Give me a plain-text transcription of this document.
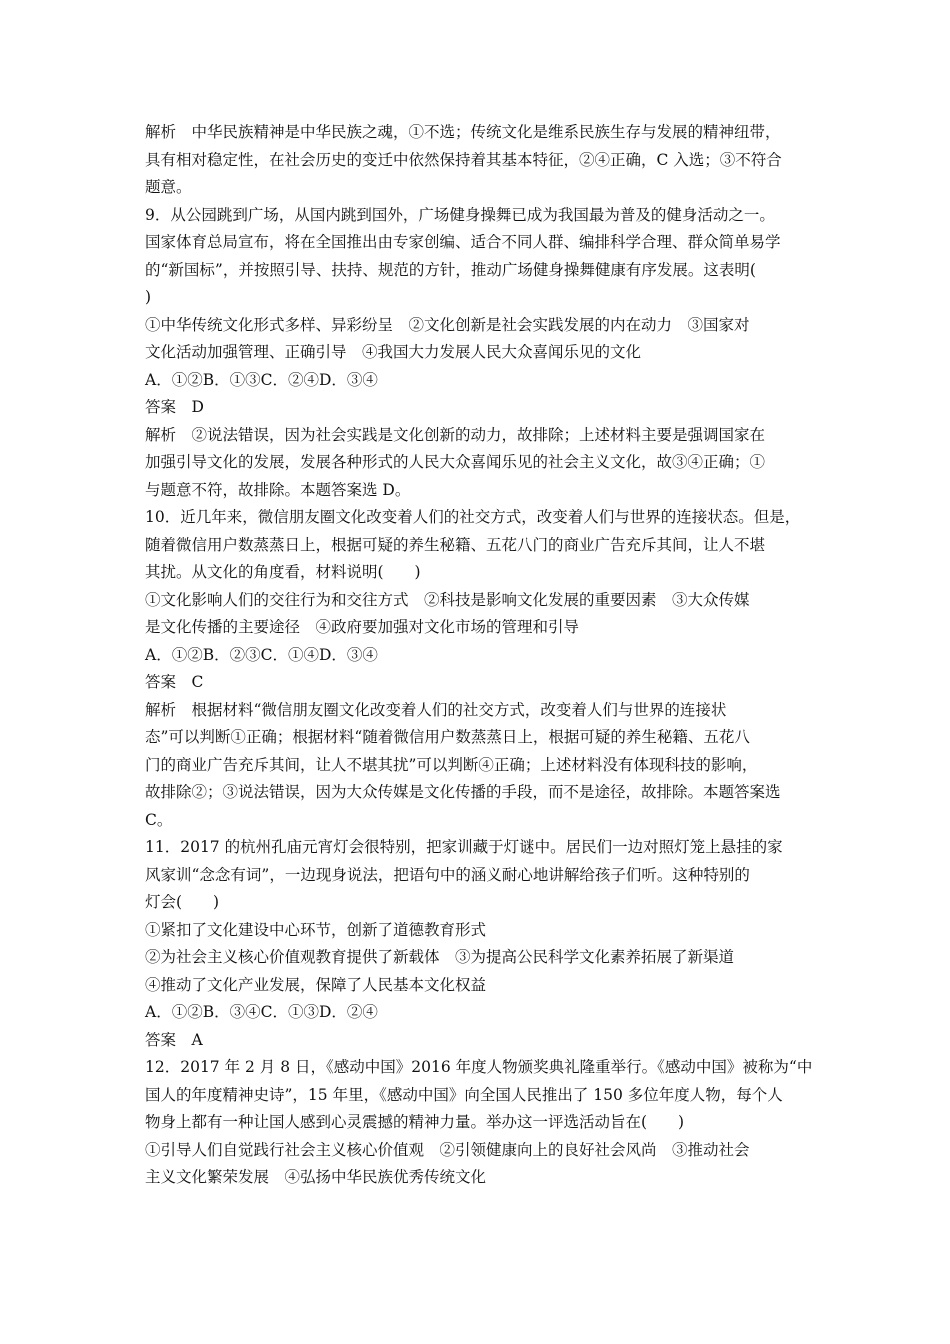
解析　中华民族精神是中华民族之魂，①不选；传统文化是维系民族生存与发展的精神纽带，
具有相对稳定性，在社会历史的变迁中依然保持着其基本特征，②④正确，C 入选；③不符合
题意。
9．从公园跳到广场，从国内跳到国外，广场健身操舞已成为我国最为普及的健身活动之一。
国家体育总局宣布，将在全国推出由专家创编、适合不同人群、编排科学合理、群众简单易学
的“新国标”，并按照引导、扶持、规范的方针，推动广场健身操舞健康有序发展。这表明(
)
①中华传统文化形式多样、异彩纷呈　②文化创新是社会实践发展的内在动力　③国家对
文化活动加强管理、正确引导　④我国大力发展人民大众喜闻乐见的文化
A．①②B．①③C．②④D．③④
答案　D
解析　②说法错误，因为社会实践是文化创新的动力，故排除；上述材料主要是强调国家在
加强引导文化的发展，发展各种形式的人民大众喜闻乐见的社会主义文化，故③④正确；①
与题意不符，故排除。本题答案选 D。
10．近几年来，微信朋友圈文化改变着人们的社交方式，改变着人们与世界的连接状态。但是，
随着微信用户数蒸蒸日上，根据可疑的养生秘籍、五花八门的商业广告充斥其间，让人不堪
其扰。从文化的角度看，材料说明(　　)
①文化影响人们的交往行为和交往方式　②科技是影响文化发展的重要因素　③大众传媒
是文化传播的主要途径　④政府要加强对文化市场的管理和引导
A．①②B．②③C．①④D．③④
答案　C
解析　根据材料“微信朋友圈文化改变着人们的社交方式，改变着人们与世界的连接状
态”可以判断①正确；根据材料“随着微信用户数蒸蒸日上，根据可疑的养生秘籍、五花八
门的商业广告充斥其间，让人不堪其扰”可以判断④正确；上述材料没有体现科技的影响，
故排除②；③说法错误，因为大众传媒是文化传播的手段，而不是途径，故排除。本题答案选
C。
11．2017 的杭州孔庙元宵灯会很特别，把家训藏于灯谜中。居民们一边对照灯笼上悬挂的家
风家训“念念有词”，一边现身说法，把语句中的涵义耐心地讲解给孩子们听。这种特别的
灯会(　　)
①紧扣了文化建设中心环节，创新了道德教育形式
②为社会主义核心价值观教育提供了新载体　③为提高公民科学文化素养拓展了新渠道
④推动了文化产业发展，保障了人民基本文化权益
A．①②B．③④C．①③D．②④
答案　A
12．2017 年 2 月 8 日，《感动中国》2016 年度人物颁奖典礼隆重举行。《感动中国》被称为“中
国人的年度精神史诗”，15 年里，《感动中国》向全国人民推出了 150 多位年度人物，每个人
物身上都有一种让国人感到心灵震撼的精神力量。举办这一评选活动旨在(　　)
①引导人们自觉践行社会主义核心价值观　②引领健康向上的良好社会风尚　③推动社会
主义文化繁荣发展　④弘扬中华民族优秀传统文化
